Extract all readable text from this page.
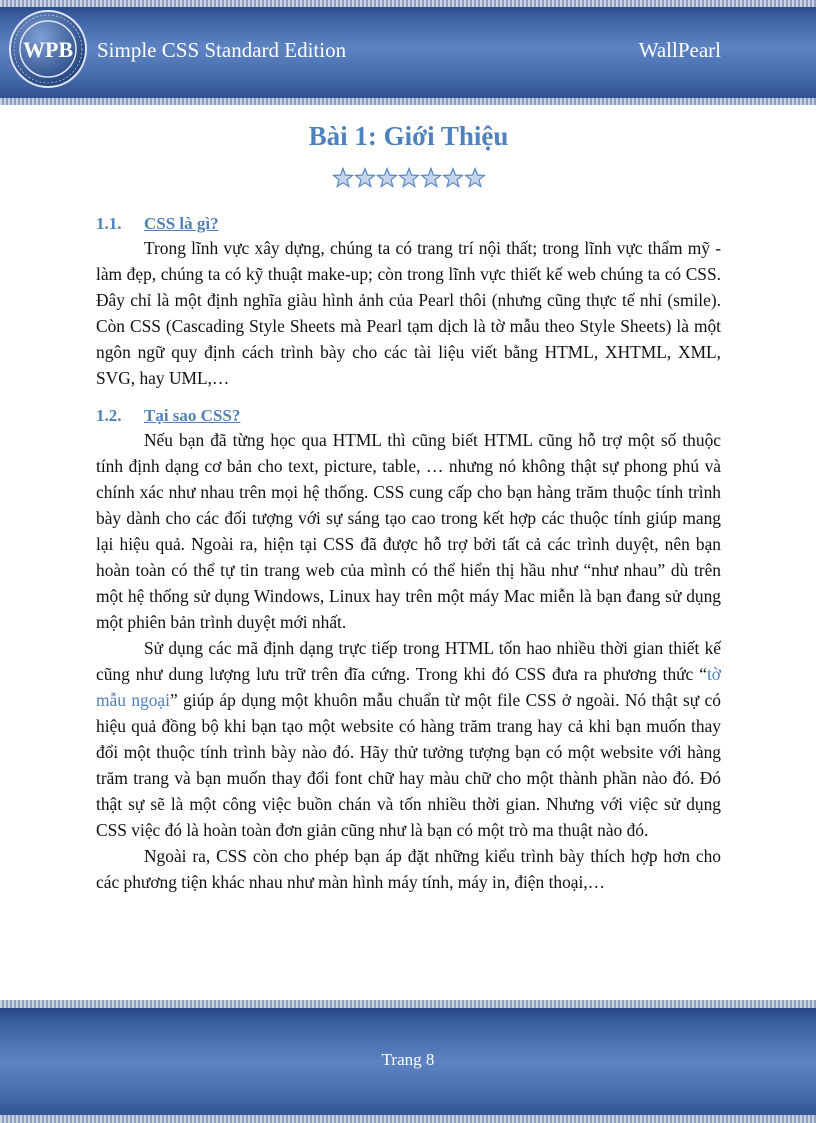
WPB Simple CSS Standard Edition	WallPearl
Bài 1: Giới Thiệu
1.1. CSS là gì?

Trong lĩnh vực xây dựng, chúng ta có trang trí nội thất; trong lĩnh vực thẩm mỹ - làm đẹp, chúng ta có kỹ thuật make-up; còn trong lĩnh vực thiết kế web chúng ta có CSS. Đây chỉ là một định nghĩa giàu hình ảnh của Pearl thôi (nhưng cũng thực tế nhỉ (smile). Còn CSS (Cascading Style Sheets mà Pearl tạm dịch là tờ mẫu theo Style Sheets) là một ngôn ngữ quy định cách trình bày cho các tài liệu viết bằng HTML, XHTML, XML, SVG, hay UML,…

1.2. Tại sao CSS?

Nếu bạn đã từng học qua HTML thì cũng biết HTML cũng hỗ trợ một số thuộc tính định dạng cơ bản cho text, picture, table, … nhưng nó không thật sự phong phú và chính xác như nhau trên mọi hệ thống. CSS cung cấp cho bạn hàng trăm thuộc tính trình bày dành cho các đối tượng với sự sáng tạo cao trong kết hợp các thuộc tính giúp mang lại hiệu quả. Ngoài ra, hiện tại CSS đã được hỗ trợ bởi tất cả các trình duyệt, nên bạn hoàn toàn có thể tự tin trang web của mình có thể hiển thị hầu như “như nhau” dù trên một hệ thống sử dụng Windows, Linux hay trên một máy Mac miễn là bạn đang sử dụng một phiên bản trình duyệt mới nhất.

Sử dụng các mã định dạng trực tiếp trong HTML tốn hao nhiều thời gian thiết kế cũng như dung lượng lưu trữ trên đĩa cứng. Trong khi đó CSS đưa ra phương thức “tờ mẫu ngoại” giúp áp dụng một khuôn mẫu chuẩn từ một file CSS ở ngoài. Nó thật sự có hiệu quả đồng bộ khi bạn tạo một website có hàng trăm trang hay cả khi bạn muốn thay đổi một thuộc tính trình bày nào đó. Hãy thử tưởng tượng bạn có một website với hàng trăm trang và bạn muốn thay đổi font chữ hay màu chữ cho một thành phần nào đó. Đó thật sự sẽ là một công việc buồn chán và tốn nhiều thời gian. Nhưng với việc sử dụng CSS việc đó là hoàn toàn đơn giản cũng như là bạn có một trò ma thuật nào đó.

Ngoài ra, CSS còn cho phép bạn áp đặt những kiểu trình bày thích hợp hơn cho các phương tiện khác nhau như màn hình máy tính, máy in, điện thoại,…

Trang 8
